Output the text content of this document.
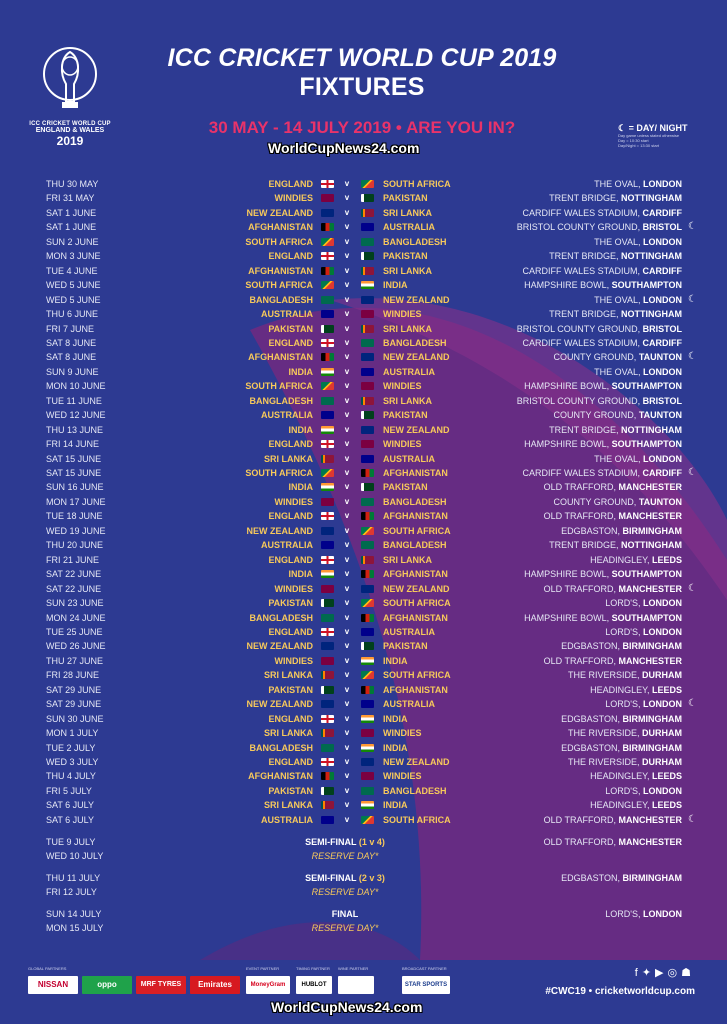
ICC CRICKET WORLD CUP
ENGLAND & WALES
2019
ICC CRICKET WORLD CUP 2019
FIXTURES
30 MAY - 14 JULY 2019 • ARE YOU IN?
WorldCupNews24.com
☾ = DAY/ NIGHT
Day game unless stated otherwise
Day = 10:30 start
Day/Night = 13:30 start
THU 30 MAY	ENGLAND	v	SOUTH AFRICA	THE OVAL, LONDON
FRI 31 MAY	WINDIES	v	PAKISTAN	TRENT BRIDGE, NOTTINGHAM
SAT 1 JUNE	NEW ZEALAND	v	SRI LANKA	CARDIFF WALES STADIUM, CARDIFF
SAT 1 JUNE	AFGHANISTAN	v	AUSTRALIA	BRISTOL COUNTY GROUND, BRISTOL ☾
SUN 2 JUNE	SOUTH AFRICA	v	BANGLADESH	THE OVAL, LONDON
MON 3 JUNE	ENGLAND	v	PAKISTAN	TRENT BRIDGE, NOTTINGHAM
TUE 4 JUNE	AFGHANISTAN	v	SRI LANKA	CARDIFF WALES STADIUM, CARDIFF
WED 5 JUNE	SOUTH AFRICA	v	INDIA	HAMPSHIRE BOWL, SOUTHAMPTON
WED 5 JUNE	BANGLADESH	v	NEW ZEALAND	THE OVAL, LONDON ☾
THU 6 JUNE	AUSTRALIA	v	WINDIES	TRENT BRIDGE, NOTTINGHAM
FRI 7 JUNE	PAKISTAN	v	SRI LANKA	BRISTOL COUNTY GROUND, BRISTOL
SAT 8 JUNE	ENGLAND	v	BANGLADESH	CARDIFF WALES STADIUM, CARDIFF
SAT 8 JUNE	AFGHANISTAN	v	NEW ZEALAND	COUNTY GROUND, TAUNTON ☾
SUN 9 JUNE	INDIA	v	AUSTRALIA	THE OVAL, LONDON
MON 10 JUNE	SOUTH AFRICA	v	WINDIES	HAMPSHIRE BOWL, SOUTHAMPTON
TUE 11 JUNE	BANGLADESH	v	SRI LANKA	BRISTOL COUNTY GROUND, BRISTOL
WED 12 JUNE	AUSTRALIA	v	PAKISTAN	COUNTY GROUND, TAUNTON
THU 13 JUNE	INDIA	v	NEW ZEALAND	TRENT BRIDGE, NOTTINGHAM
FRI 14 JUNE	ENGLAND	v	WINDIES	HAMPSHIRE BOWL, SOUTHAMPTON
SAT 15 JUNE	SRI LANKA	v	AUSTRALIA	THE OVAL, LONDON
SAT 15 JUNE	SOUTH AFRICA	v	AFGHANISTAN	CARDIFF WALES STADIUM, CARDIFF ☾
SUN 16 JUNE	INDIA	v	PAKISTAN	OLD TRAFFORD, MANCHESTER
MON 17 JUNE	WINDIES	v	BANGLADESH	COUNTY GROUND, TAUNTON
TUE 18 JUNE	ENGLAND	v	AFGHANISTAN	OLD TRAFFORD, MANCHESTER
WED 19 JUNE	NEW ZEALAND	v	SOUTH AFRICA	EDGBASTON, BIRMINGHAM
THU 20 JUNE	AUSTRALIA	v	BANGLADESH	TRENT BRIDGE, NOTTINGHAM
FRI 21 JUNE	ENGLAND	v	SRI LANKA	HEADINGLEY, LEEDS
SAT 22 JUNE	INDIA	v	AFGHANISTAN	HAMPSHIRE BOWL, SOUTHAMPTON
SAT 22 JUNE	WINDIES	v	NEW ZEALAND	OLD TRAFFORD, MANCHESTER ☾
SUN 23 JUNE	PAKISTAN	v	SOUTH AFRICA	LORD'S, LONDON
MON 24 JUNE	BANGLADESH	v	AFGHANISTAN	HAMPSHIRE BOWL, SOUTHAMPTON
TUE 25 JUNE	ENGLAND	v	AUSTRALIA	LORD'S, LONDON
WED 26 JUNE	NEW ZEALAND	v	PAKISTAN	EDGBASTON, BIRMINGHAM
THU 27 JUNE	WINDIES	v	INDIA	OLD TRAFFORD, MANCHESTER
FRI 28 JUNE	SRI LANKA	v	SOUTH AFRICA	THE RIVERSIDE, DURHAM
SAT 29 JUNE	PAKISTAN	v	AFGHANISTAN	HEADINGLEY, LEEDS
SAT 29 JUNE	NEW ZEALAND	v	AUSTRALIA	LORD'S, LONDON ☾
SUN 30 JUNE	ENGLAND	v	INDIA	EDGBASTON, BIRMINGHAM
MON 1 JULY	SRI LANKA	v	WINDIES	THE RIVERSIDE, DURHAM
TUE 2 JULY	BANGLADESH	v	INDIA	EDGBASTON, BIRMINGHAM
WED 3 JULY	ENGLAND	v	NEW ZEALAND	THE RIVERSIDE, DURHAM
THU 4 JULY	AFGHANISTAN	v	WINDIES	HEADINGLEY, LEEDS
FRI 5 JULY	PAKISTAN	v	BANGLADESH	LORD'S, LONDON
SAT 6 JULY	SRI LANKA	v	INDIA	HEADINGLEY, LEEDS
SAT 6 JULY	AUSTRALIA	v	SOUTH AFRICA	OLD TRAFFORD, MANCHESTER ☾
TUE 9 JULY	SEMI-FINAL (1 v 4)	OLD TRAFFORD, MANCHESTER
WED 10 JULY	RESERVE DAY*
THU 11 JULY	SEMI-FINAL (2 v 3)	EDGBASTON, BIRMINGHAM
FRI 12 JULY	RESERVE DAY*
SUN 14 JULY	FINAL	LORD'S, LONDON
MON 15 JULY	RESERVE DAY*
GLOBAL PARTNERS	EVENT PARTNER	TIMING PARTNER WINE PARTNER	BROADCAST PARTNER
NISSAN	oppo	MRF TYRES	Emirates	MoneyGram	HUBLOT	STAR SPORTS
f✦▶◎☗
#CWC19 • cricketworldcup.com
WorldCupNews24.com
